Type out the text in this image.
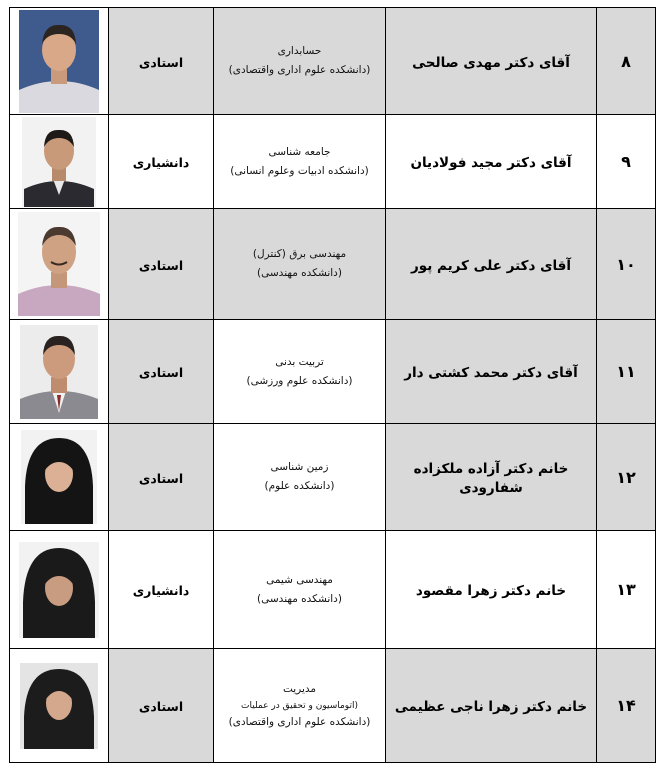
	استادی	حسابداری
(دانشکده علوم اداری واقتصادی)	آقای دکتر مهدی صالحی	۸

	دانشیاری	جامعه شناسی
(دانشکده ادبیات وعلوم انسانی)	آقای دکتر مجید فولادیان	۹

	استادی	مهندسی برق (کنترل)
(دانشکده مهندسی)	آقای دکتر علی کریم پور	۱۰

	استادی	تربیت بدنی
(دانشکده علوم ورزشی)	آقای دکتر محمد کشتی دار	۱۱

	استادی	زمین شناسی
(دانشکده علوم)	خانم دکتر آزاده ملکزاده شفارودی	۱۲

	دانشیاری	مهندسی شیمی
(دانشکده مهندسی)	خانم دکتر زهرا مقصود	۱۳

	استادی	مدیریت
(اتوماسیون و تحقیق در عملیات
(دانشکده علوم اداری واقتصادی)	خانم دکتر زهرا ناجی عظیمی	۱۴
